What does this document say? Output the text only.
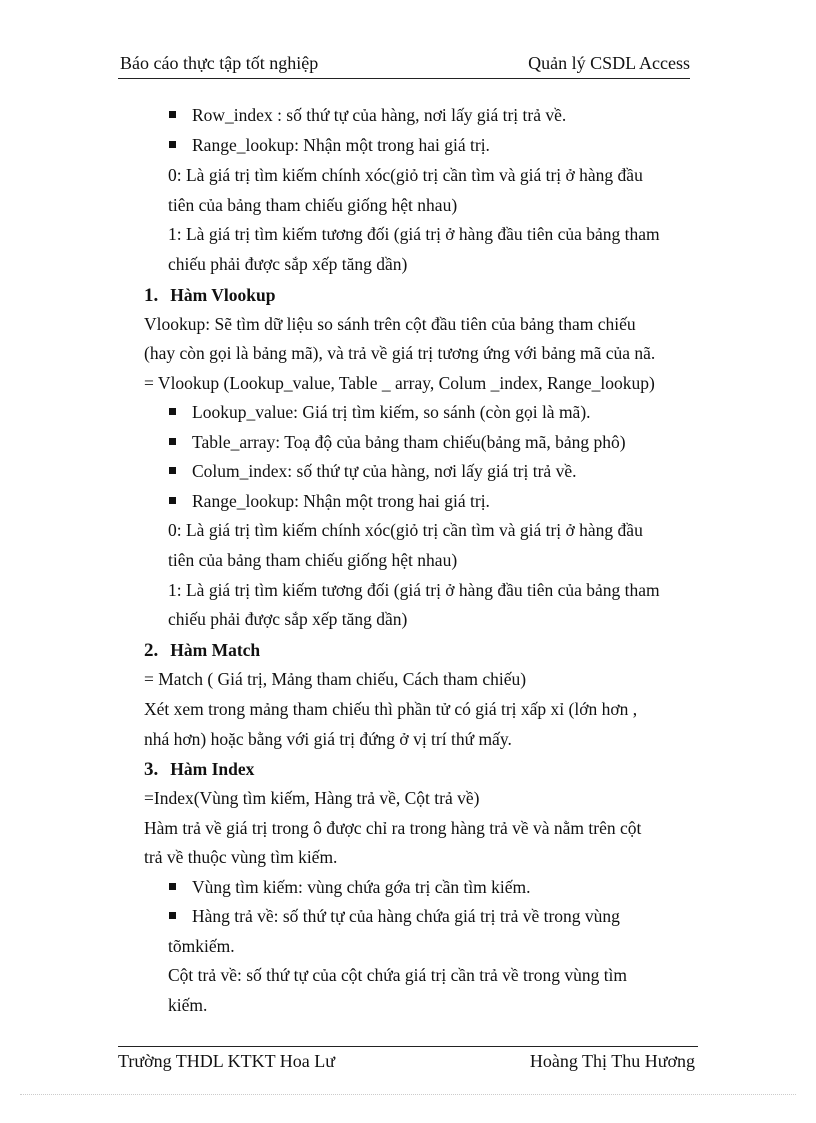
Báo cáo thực tập tốt nghiệp	Quản lý CSDL Access
Row_index : số thứ tự của hàng, nơi lấy giá trị trả về.
Range_lookup: Nhận một trong hai giá trị.
0: Là giá trị tìm kiếm chính xóc(giỏ trị cần tìm và giá trị ở hàng đầu
tiên của bảng tham chiếu giống hệt nhau)
1: Là giá trị tìm kiếm tương đối (giá trị ở hàng đầu tiên của bảng tham
chiếu phải được sắp xếp tăng dần)
1. Hàm Vlookup
Vlookup: Sẽ tìm dữ liệu so sánh trên cột đầu tiên của bảng tham chiếu
(hay còn gọi là bảng mã), và trả về giá trị tương ứng với bảng mã của nã.
= Vlookup (Lookup_value, Table _ array, Colum _index, Range_lookup)
Lookup_value: Giá trị tìm kiếm, so sánh (còn gọi là mã).
Table_array: Toạ độ của bảng tham chiếu(bảng mã, bảng phô)
Colum_index: số thứ tự của hàng, nơi lấy giá trị trả về.
Range_lookup: Nhận một trong hai giá trị.
0: Là giá trị tìm kiếm chính xóc(giỏ trị cần tìm và giá trị ở hàng đầu
tiên của bảng tham chiếu giống hệt nhau)
1: Là giá trị tìm kiếm tương đối (giá trị ở hàng đầu tiên của bảng tham
chiếu phải được sắp xếp tăng dần)
2. Hàm Match
= Match ( Giá trị, Mảng tham chiếu, Cách tham chiếu)
Xét xem trong mảng tham chiếu thì phần tử có giá trị xấp xỉ (lớn hơn ,
nhá hơn) hoặc bằng với giá trị đứng ở vị trí thứ mấy.
3. Hàm Index
=Index(Vùng tìm kiếm, Hàng trả về, Cột trả về)
Hàm trả về giá trị trong ô được chỉ ra trong hàng trả về và nằm trên cột
trả về thuộc vùng tìm kiếm.
Vùng tìm kiếm: vùng chứa gớa trị cần tìm kiếm.
Hàng trả về: số thứ tự của hàng chứa giá trị trả về trong vùng
tõmkiếm.
Cột trả về: số thứ tự của cột chứa giá trị cần trả về trong vùng tìm
kiếm.
Trường THDL KTKT Hoa Lư	Hoàng Thị Thu Hương
